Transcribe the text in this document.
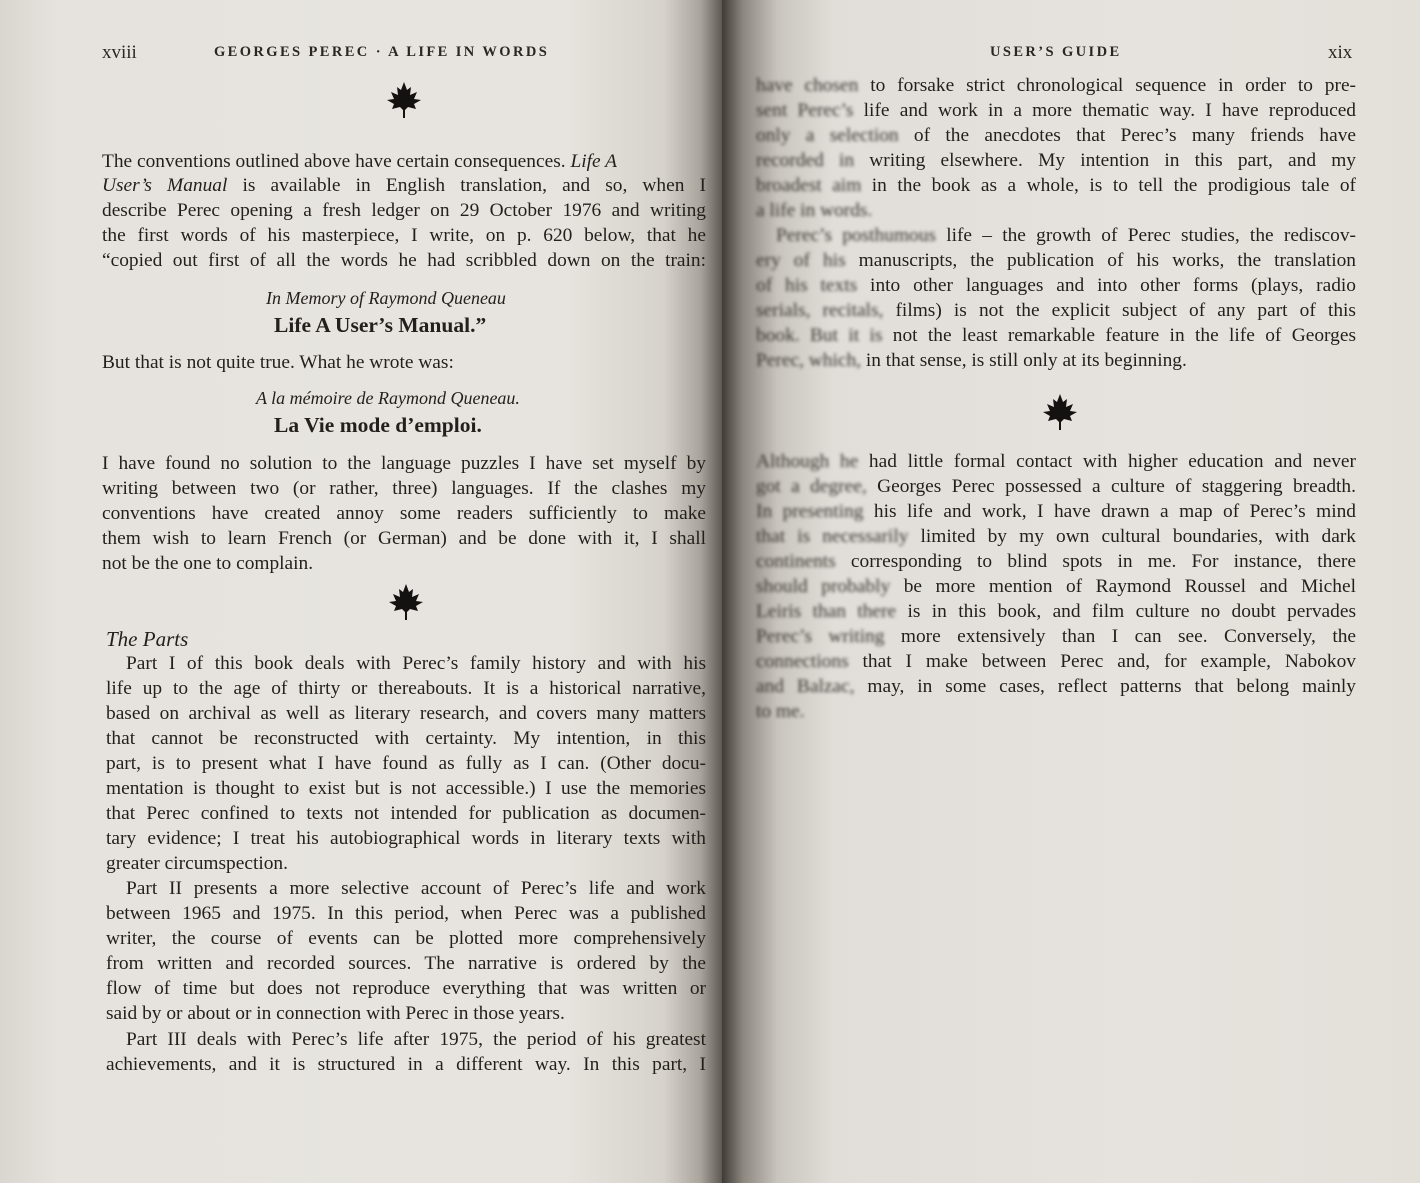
xviii	GEORGES PEREC · A LIFE IN WORDS
The conventions outlined above have certain consequences. Life A
User’s Manual is available in English translation, and so, when I
describe Perec opening a fresh ledger on 29 October 1976 and writing
the first words of his masterpiece, I write, on p. 620 below, that he
“copied out first of all the words he had scribbled down on the train:
In Memory of Raymond Queneau
Life A User’s Manual.”
But that is not quite true. What he wrote was:
A la mémoire de Raymond Queneau.
La Vie mode d’emploi.
I have found no solution to the language puzzles I have set myself by
writing between two (or rather, three) languages. If the clashes my
conventions have created annoy some readers sufficiently to make
them wish to learn French (or German) and be done with it, I shall
not be the one to complain.
The Parts
Part I of this book deals with Perec’s family history and with his
life up to the age of thirty or thereabouts. It is a historical narrative,
based on archival as well as literary research, and covers many matters
that cannot be reconstructed with certainty. My intention, in this
part, is to present what I have found as fully as I can. (Other docu-
mentation is thought to exist but is not accessible.) I use the memories
that Perec confined to texts not intended for publication as documen-
tary evidence; I treat his autobiographical words in literary texts with
greater circumspection.
Part II presents a more selective account of Perec’s life and work
between 1965 and 1975. In this period, when Perec was a published
writer, the course of events can be plotted more comprehensively
from written and recorded sources. The narrative is ordered by the
flow of time but does not reproduce everything that was written or
said by or about or in connection with Perec in those years.
Part III deals with Perec’s life after 1975, the period of his greatest
achievements, and it is structured in a different way. In this part, I
USER’S GUIDE	xix
have chosen to forsake strict chronological sequence in order to pre-
sent Perec’s life and work in a more thematic way. I have reproduced
only a selection of the anecdotes that Perec’s many friends have
recorded in writing elsewhere. My intention in this part, and my
broadest aim in the book as a whole, is to tell the prodigious tale of
a life in words.
Perec’s posthumous life – the growth of Perec studies, the rediscov-
ery of his manuscripts, the publication of his works, the translation
of his texts into other languages and into other forms (plays, radio
serials, recitals, films) is not the explicit subject of any part of this
book. But it is not the least remarkable feature in the life of Georges
Perec, which, in that sense, is still only at its beginning.
Although he had little formal contact with higher education and never
got a degree, Georges Perec possessed a culture of staggering breadth.
In presenting his life and work, I have drawn a map of Perec’s mind
that is necessarily limited by my own cultural boundaries, with dark
continents corresponding to blind spots in me. For instance, there
should probably be more mention of Raymond Roussel and Michel
Leiris than there is in this book, and film culture no doubt pervades
Perec’s writing more extensively than I can see. Conversely, the
connections that I make between Perec and, for example, Nabokov
and Balzac, may, in some cases, reflect patterns that belong mainly
to me.
